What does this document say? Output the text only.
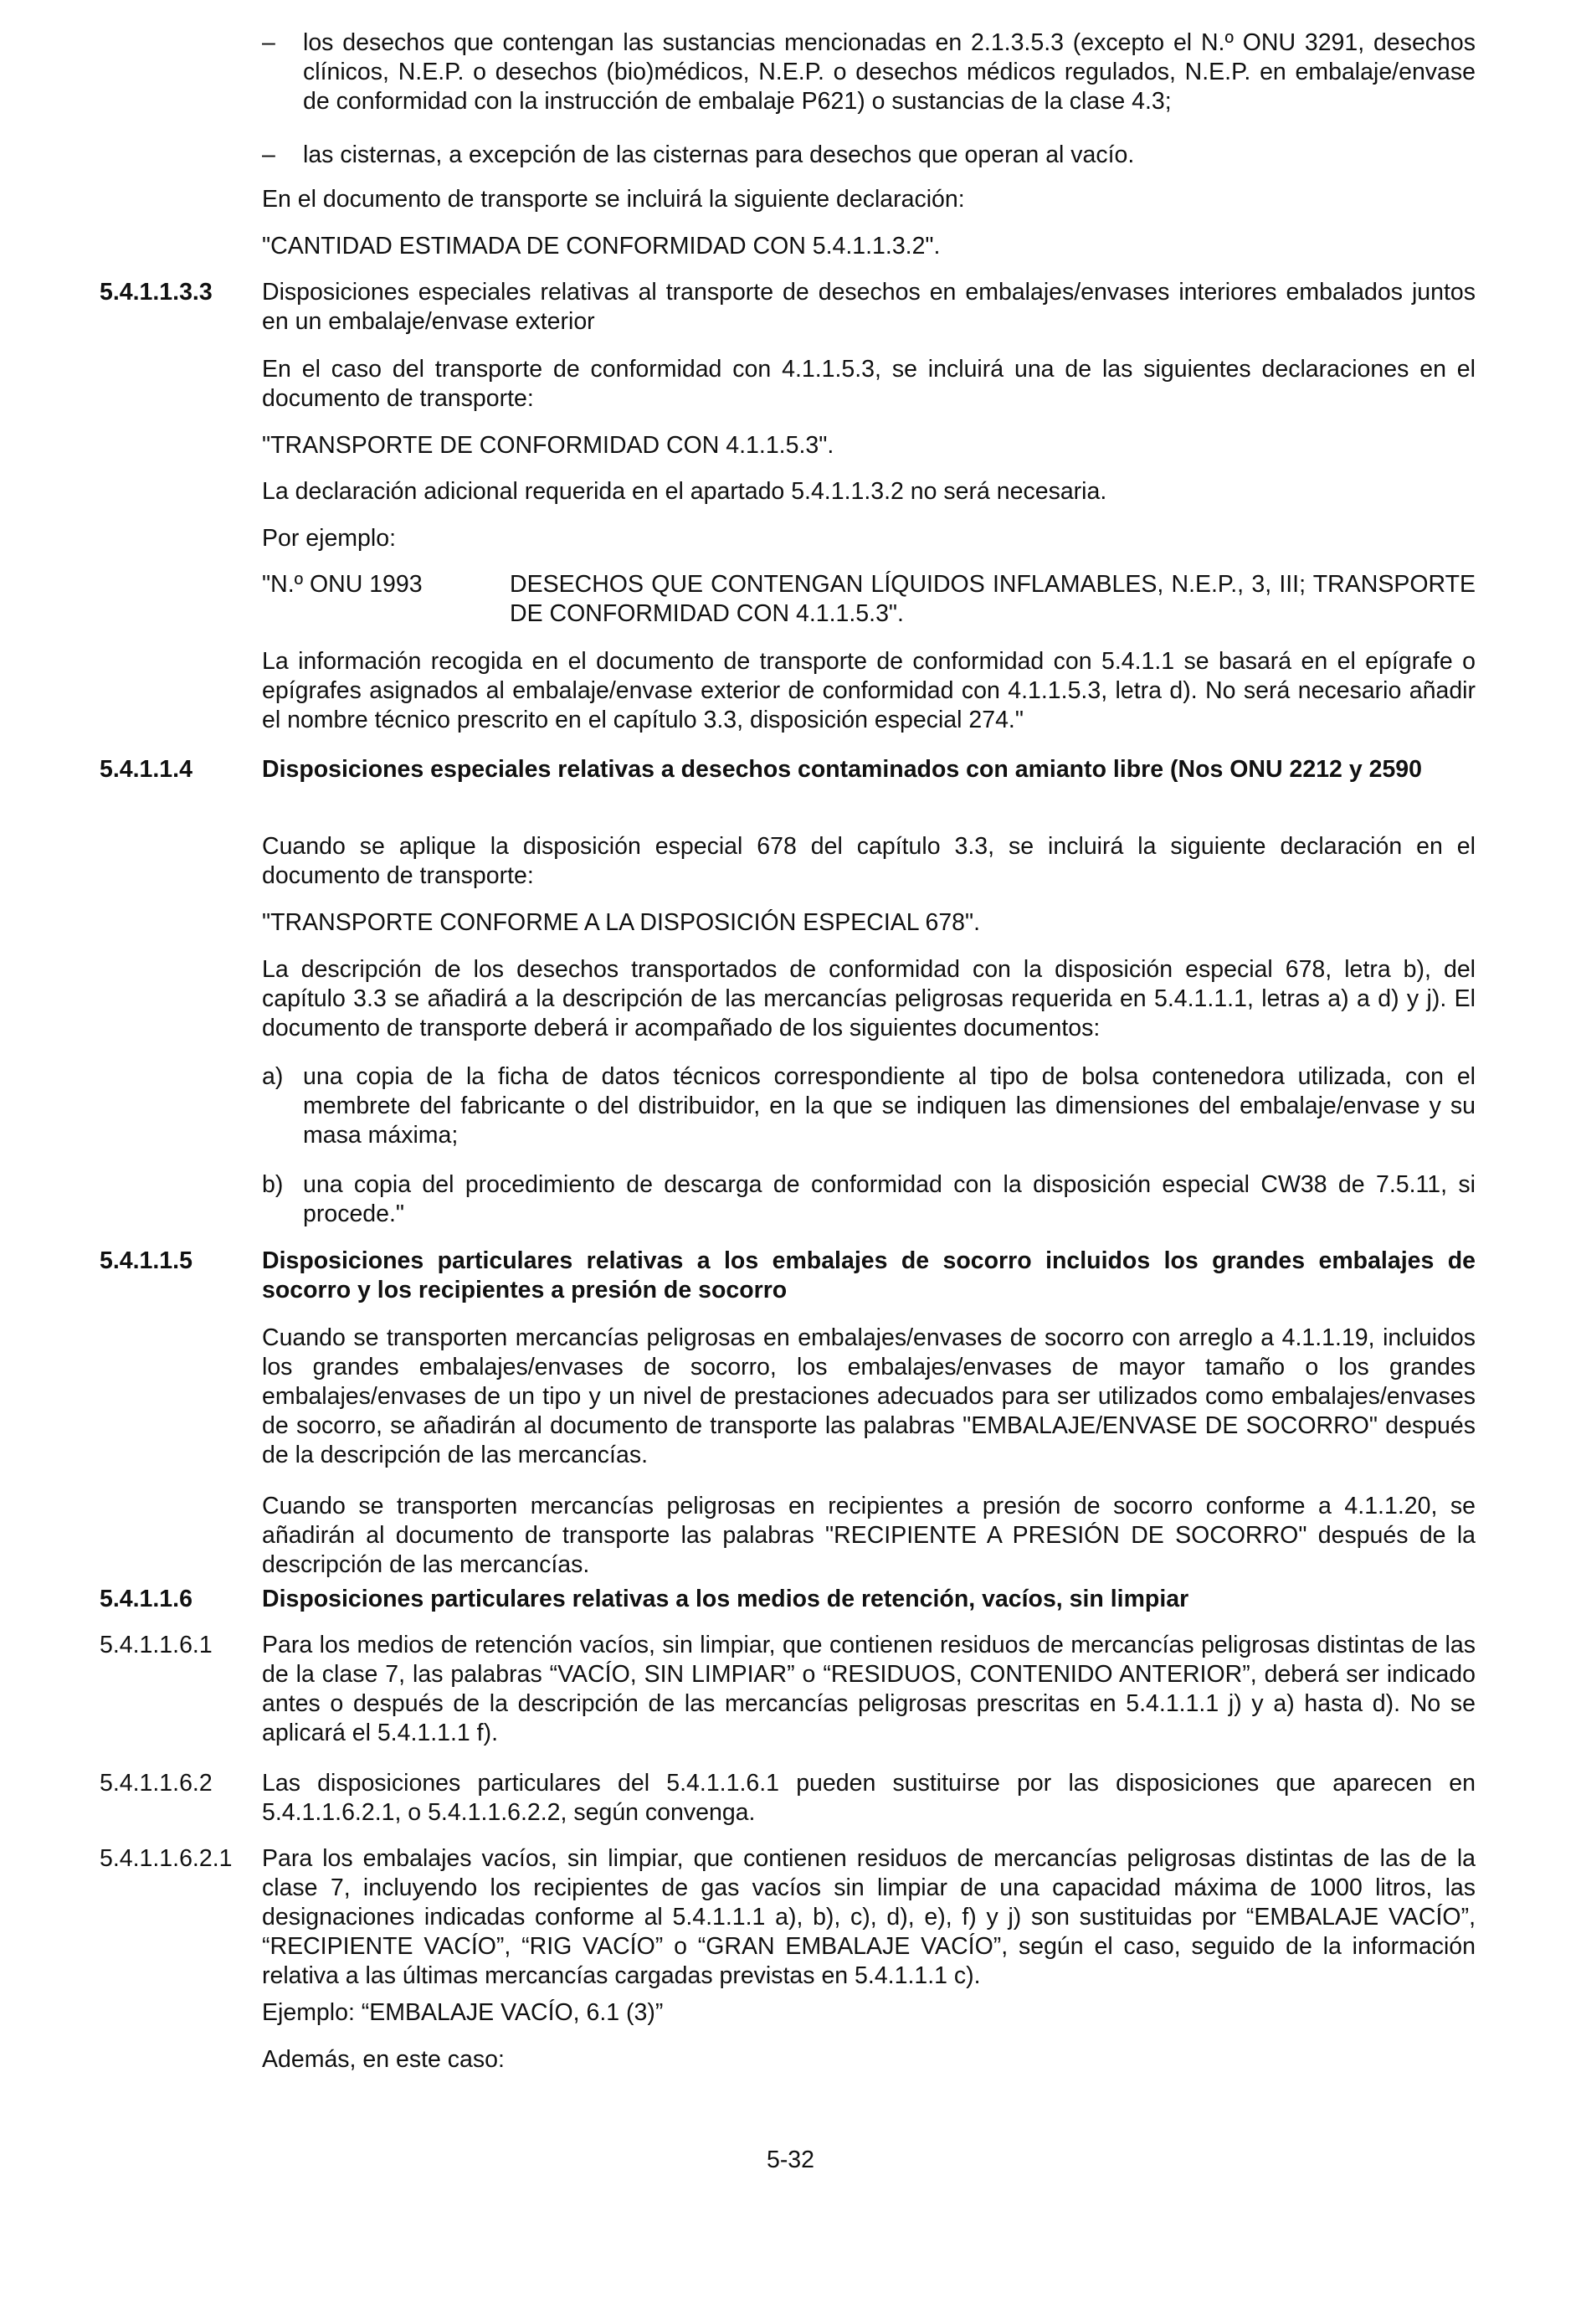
– los desechos que contengan las sustancias mencionadas en 2.1.3.5.3 (excepto el N.º ONU 3291, desechos clínicos, N.E.P. o desechos (bio)médicos, N.E.P. o desechos médicos regulados, N.E.P. en embalaje/envase de conformidad con la instrucción de embalaje P621) o sustancias de la clase 4.3;

– las cisternas, a excepción de las cisternas para desechos que operan al vacío.

En el documento de transporte se incluirá la siguiente declaración:

"CANTIDAD ESTIMADA DE CONFORMIDAD CON 5.4.1.1.3.2".

5.4.1.1.3.3 Disposiciones especiales relativas al transporte de desechos en embalajes/envases interiores embalados juntos en un embalaje/envase exterior

En el caso del transporte de conformidad con 4.1.1.5.3, se incluirá una de las siguientes declaraciones en el documento de transporte:

"TRANSPORTE DE CONFORMIDAD CON 4.1.1.5.3".

La declaración adicional requerida en el apartado 5.4.1.1.3.2 no será necesaria.

Por ejemplo:

"N.º ONU 1993	DESECHOS QUE CONTENGAN LÍQUIDOS INFLAMABLES, N.E.P., 3, III; TRANSPORTE DE CONFORMIDAD CON 4.1.1.5.3".

La información recogida en el documento de transporte de conformidad con 5.4.1.1 se basará en el epígrafe o epígrafes asignados al embalaje/envase exterior de conformidad con 4.1.1.5.3, letra d). No será necesario añadir el nombre técnico prescrito en el capítulo 3.3, disposición especial 274."

5.4.1.1.4	Disposiciones especiales relativas a desechos contaminados con amianto libre (Nos ONU 2212 y 2590

Cuando se aplique la disposición especial 678 del capítulo 3.3, se incluirá la siguiente declaración en el documento de transporte:

"TRANSPORTE CONFORME A LA DISPOSICIÓN ESPECIAL 678".

La descripción de los desechos transportados de conformidad con la disposición especial 678, letra b), del capítulo 3.3 se añadirá a la descripción de las mercancías peligrosas requerida en 5.4.1.1.1, letras a) a d) y j). El documento de transporte deberá ir acompañado de los siguientes documentos:

a) una copia de la ficha de datos técnicos correspondiente al tipo de bolsa contenedora utilizada, con el membrete del fabricante o del distribuidor, en la que se indiquen las dimensiones del embalaje/envase y su masa máxima;

b) una copia del procedimiento de descarga de conformidad con la disposición especial CW38 de 7.5.11, si procede."

5.4.1.1.5	Disposiciones particulares relativas a los embalajes de socorro incluidos los grandes embalajes de socorro y los recipientes a presión de socorro

Cuando se transporten mercancías peligrosas en embalajes/envases de socorro con arreglo a 4.1.1.19, incluidos los grandes embalajes/envases de socorro, los embalajes/envases de mayor tamaño o los grandes embalajes/envases de un tipo y un nivel de prestaciones adecuados para ser utilizados como embalajes/envases de socorro, se añadirán al documento de transporte las palabras "EMBALAJE/ENVASE DE SOCORRO" después de la descripción de las mercancías.

Cuando se transporten mercancías peligrosas en recipientes a presión de socorro conforme a 4.1.1.20, se añadirán al documento de transporte las palabras "RECIPIENTE A PRESIÓN DE SOCORRO" después de la descripción de las mercancías.

5.4.1.1.6	Disposiciones particulares relativas a los medios de retención, vacíos, sin limpiar

5.4.1.1.6.1 Para los medios de retención vacíos, sin limpiar, que contienen residuos de mercancías peligrosas distintas de las de la clase 7, las palabras “VACÍO, SIN LIMPIAR” o “RESIDUOS, CONTENIDO ANTERIOR”, deberá ser indicado antes o después de la descripción de las mercancías peligrosas prescritas en 5.4.1.1.1 j) y a) hasta d). No se aplicará el 5.4.1.1.1 f).

5.4.1.1.6.2 Las disposiciones particulares del 5.4.1.1.6.1 pueden sustituirse por las disposiciones que aparecen en 5.4.1.1.6.2.1, o 5.4.1.1.6.2.2, según convenga.

5.4.1.1.6.2.1 Para los embalajes vacíos, sin limpiar, que contienen residuos de mercancías peligrosas distintas de las de la clase 7, incluyendo los recipientes de gas vacíos sin limpiar de una capacidad máxima de 1000 litros, las designaciones indicadas conforme al 5.4.1.1.1 a), b), c), d), e), f) y j) son sustituidas por “EMBALAJE VACÍO”, “RECIPIENTE VACÍO”, “RIG VACÍO” o “GRAN EMBALAJE VACÍO”, según el caso, seguido de la información relativa a las últimas mercancías cargadas previstas en 5.4.1.1.1 c).

Ejemplo: “EMBALAJE VACÍO, 6.1 (3)”

Además, en este caso:

5-32
